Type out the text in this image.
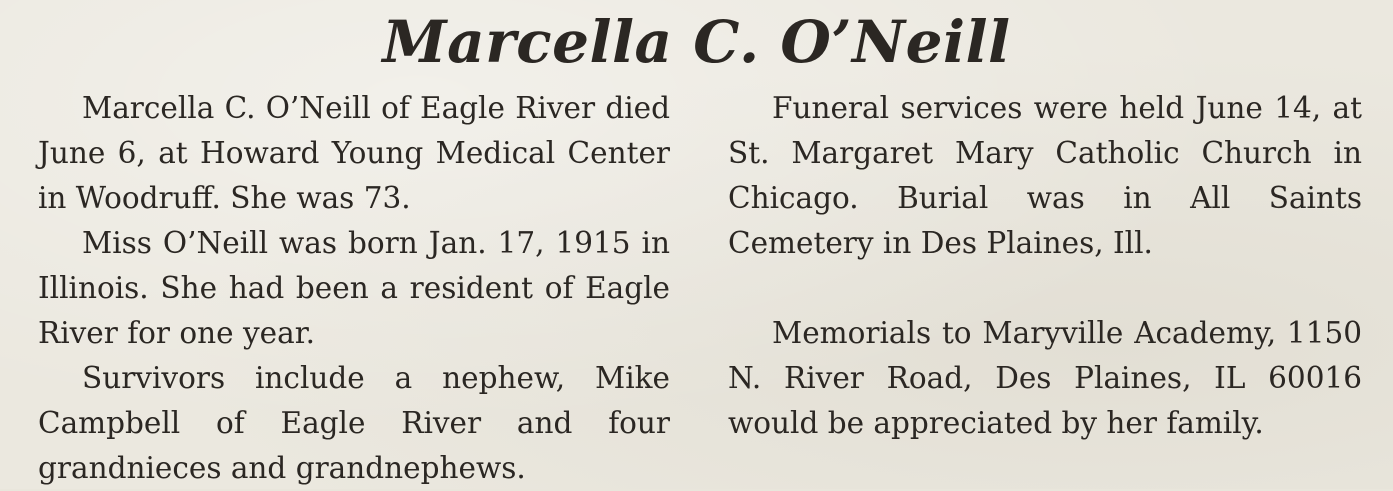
Marcella C. O’Neill

Marcella C. O’Neill of Eagle River died June 6, at Howard Young Medical Center in Woodruff. She was 73.

Miss O’Neill was born Jan. 17, 1915 in Illinois. She had been a resident of Eagle River for one year.

Survivors include a nephew, Mike Campbell of Eagle River and four grandnieces and grandnephews.

Funeral services were held June 14, at St. Margaret Mary Catholic Church in Chicago. Burial was in All Saints Cemetery in Des Plaines, Ill.

Memorials to Maryville Academy, 1150 N. River Road, Des Plaines, IL 60016 would be appreciated by her family.
